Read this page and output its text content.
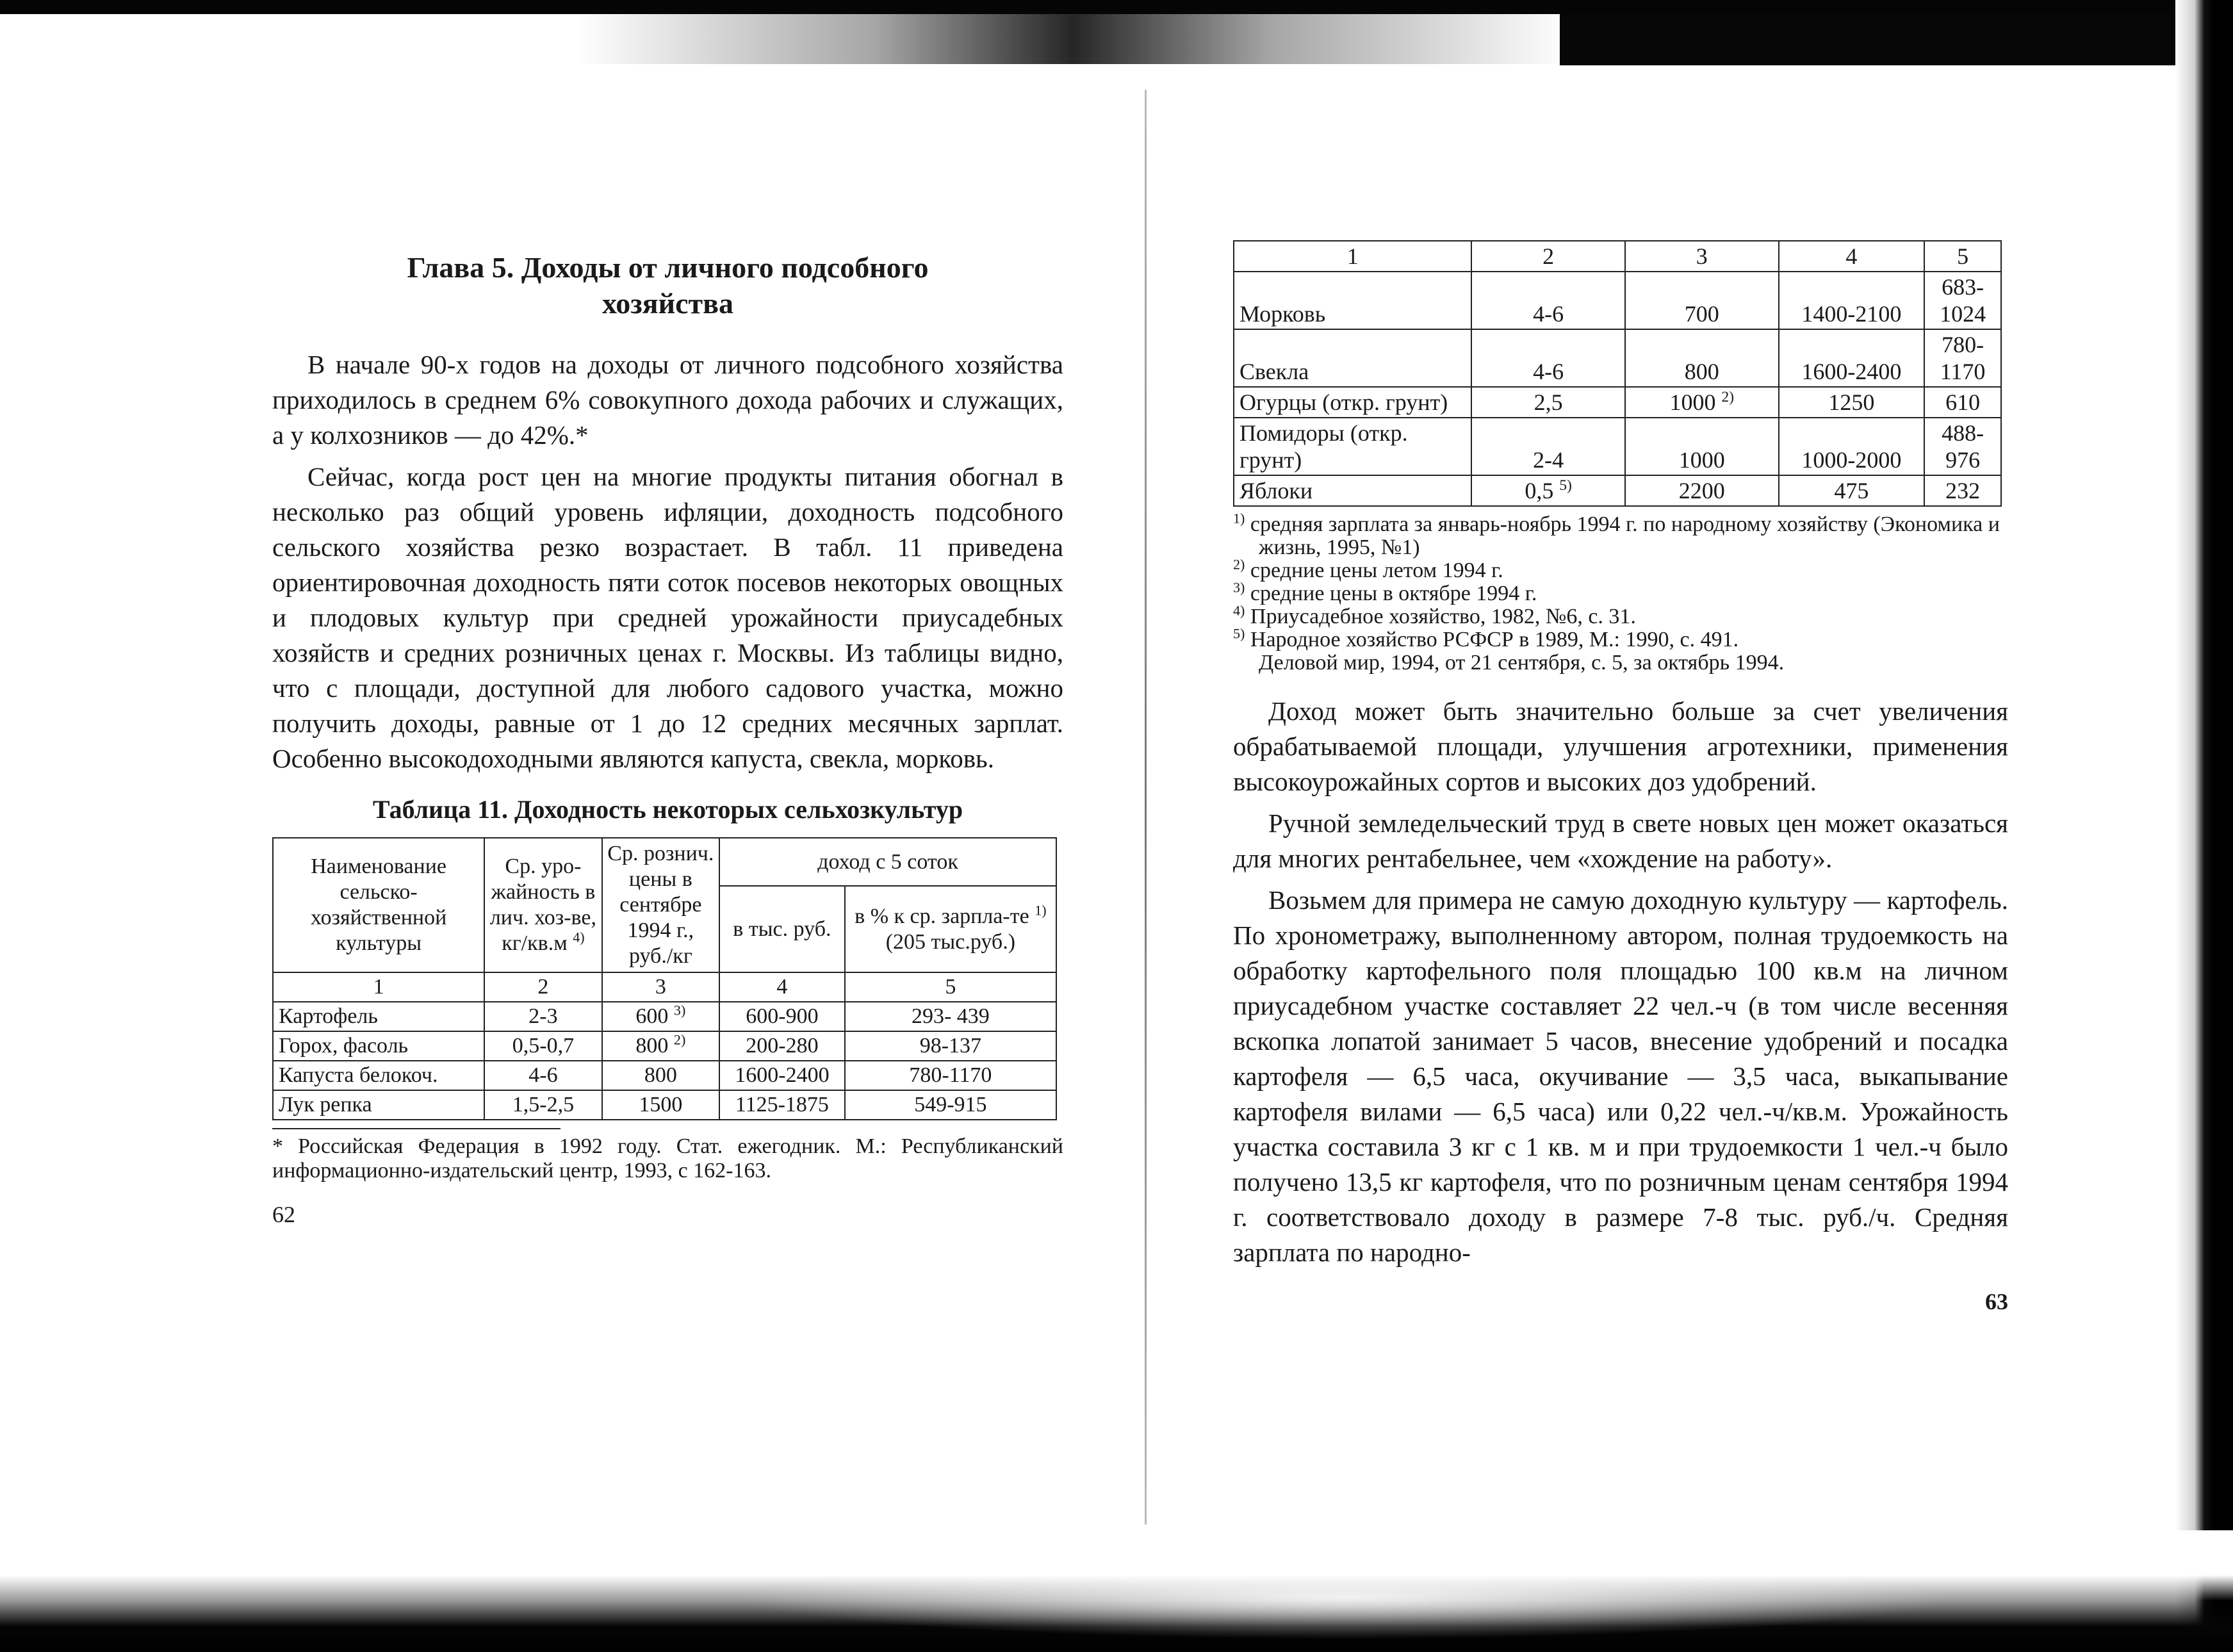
Глава 5. Доходы от личного подсобного
хозяйства

В начале 90-х годов на доходы от личного подсобного хозяйства приходилось в среднем 6% совокупного дохода рабочих и служащих, а у колхозников — до 42%.*

Сейчас, когда рост цен на многие продукты питания обогнал в несколько раз общий уровень ифляции, доходность подсобного сельского хозяйства резко возрастает. В табл. 11 приведена ориентировочная доходность пяти соток посевов некоторых овощных и плодовых культур при средней урожайности приусадебных хозяйств и средних розничных ценах г. Москвы. Из таблицы видно, что с площади, доступной для любого садового участка, можно получить доходы, равные от 1 до 12 средних месячных зарплат. Особенно высокодоходными являются капуста, свекла, морковь.

Таблица 11. Доходность некоторых сельхозкультур
Наименование сельско-хозяйственной культуры	Ср. уро-жайность в лич. хоз-ве, кг/кв.м $^{4)}$	Ср. рознич. цены в сентябре 1994 г., руб./кг	доход с 5 соток	
			в тыс. руб.	в % к ср. зарпла-те $^{1)}$ (205 тыс.руб.)
1	2	3	4	5
Картофель	2-3	600 $^{3)}$	600-900	293- 439
Горох, фасоль	0,5-0,7	800 $^{2)}$	200-280	98-137
Капуста белокоч.	4-6	800	1600-2400	780-1170
Лук репка	1,5-2,5	1500	1125-1875	549-915
* Российская Федерация в 1992 году. Стат. ежегодник. М.: Республиканский информационно-издательский центр, 1993, с 162-163.
62
1	2	3	4	5
Морковь	4-6	700	1400-2100	683-1024
Свекла	4-6	800	1600-2400	780-1170
Огурцы (откр. грунт)	2,5	1000 $^{2)}$	1250	610
Помидоры (откр. грунт)	2-4	1000	1000-2000	488-976
Яблоки	0,5 $^{5)}$	2200	475	232
$^{1)}$ средняя зарплата за январь-ноябрь 1994 г. по народному хозяйству (Экономика и жизнь, 1995, №1)
$^{2)}$ средние цены летом 1994 г.
$^{3)}$ средние цены в октябре 1994 г.
$^{4)}$ Приусадебное хозяйство, 1982, №6, с. 31.
$^{5)}$ Народное хозяйство РСФСР в 1989, М.: 1990, с. 491.
Деловой мир, 1994, от 21 сентября, с. 5, за октябрь 1994.

Доход может быть значительно больше за счет увеличения обрабатываемой площади, улучшения агротехники, применения высокоурожайных сортов и высоких доз удобрений.

Ручной земледельческий труд в свете новых цен может оказаться для многих рентабельнее, чем «хождение на работу».

Возьмем для примера не самую доходную культуру — картофель. По хронометражу, выполненному автором, полная трудоемкость на обработку картофельного поля площадью 100 кв.м на личном приусадебном участке составляет 22 чел.-ч (в том числе весенняя вскопка лопатой занимает 5 часов, внесение удобрений и посадка картофеля — 6,5 часа, окучивание — 3,5 часа, выкапывание картофеля вилами — 6,5 часа) или 0,22 чел.-ч/кв.м. Урожайность участка составила 3 кг с 1 кв. м и при трудоемкости 1 чел.-ч было получено 13,5 кг картофеля, что по розничным ценам сентября 1994 г. соответствовало доходу в размере 7-8 тыс. руб./ч. Средняя зарплата по народно-

63
